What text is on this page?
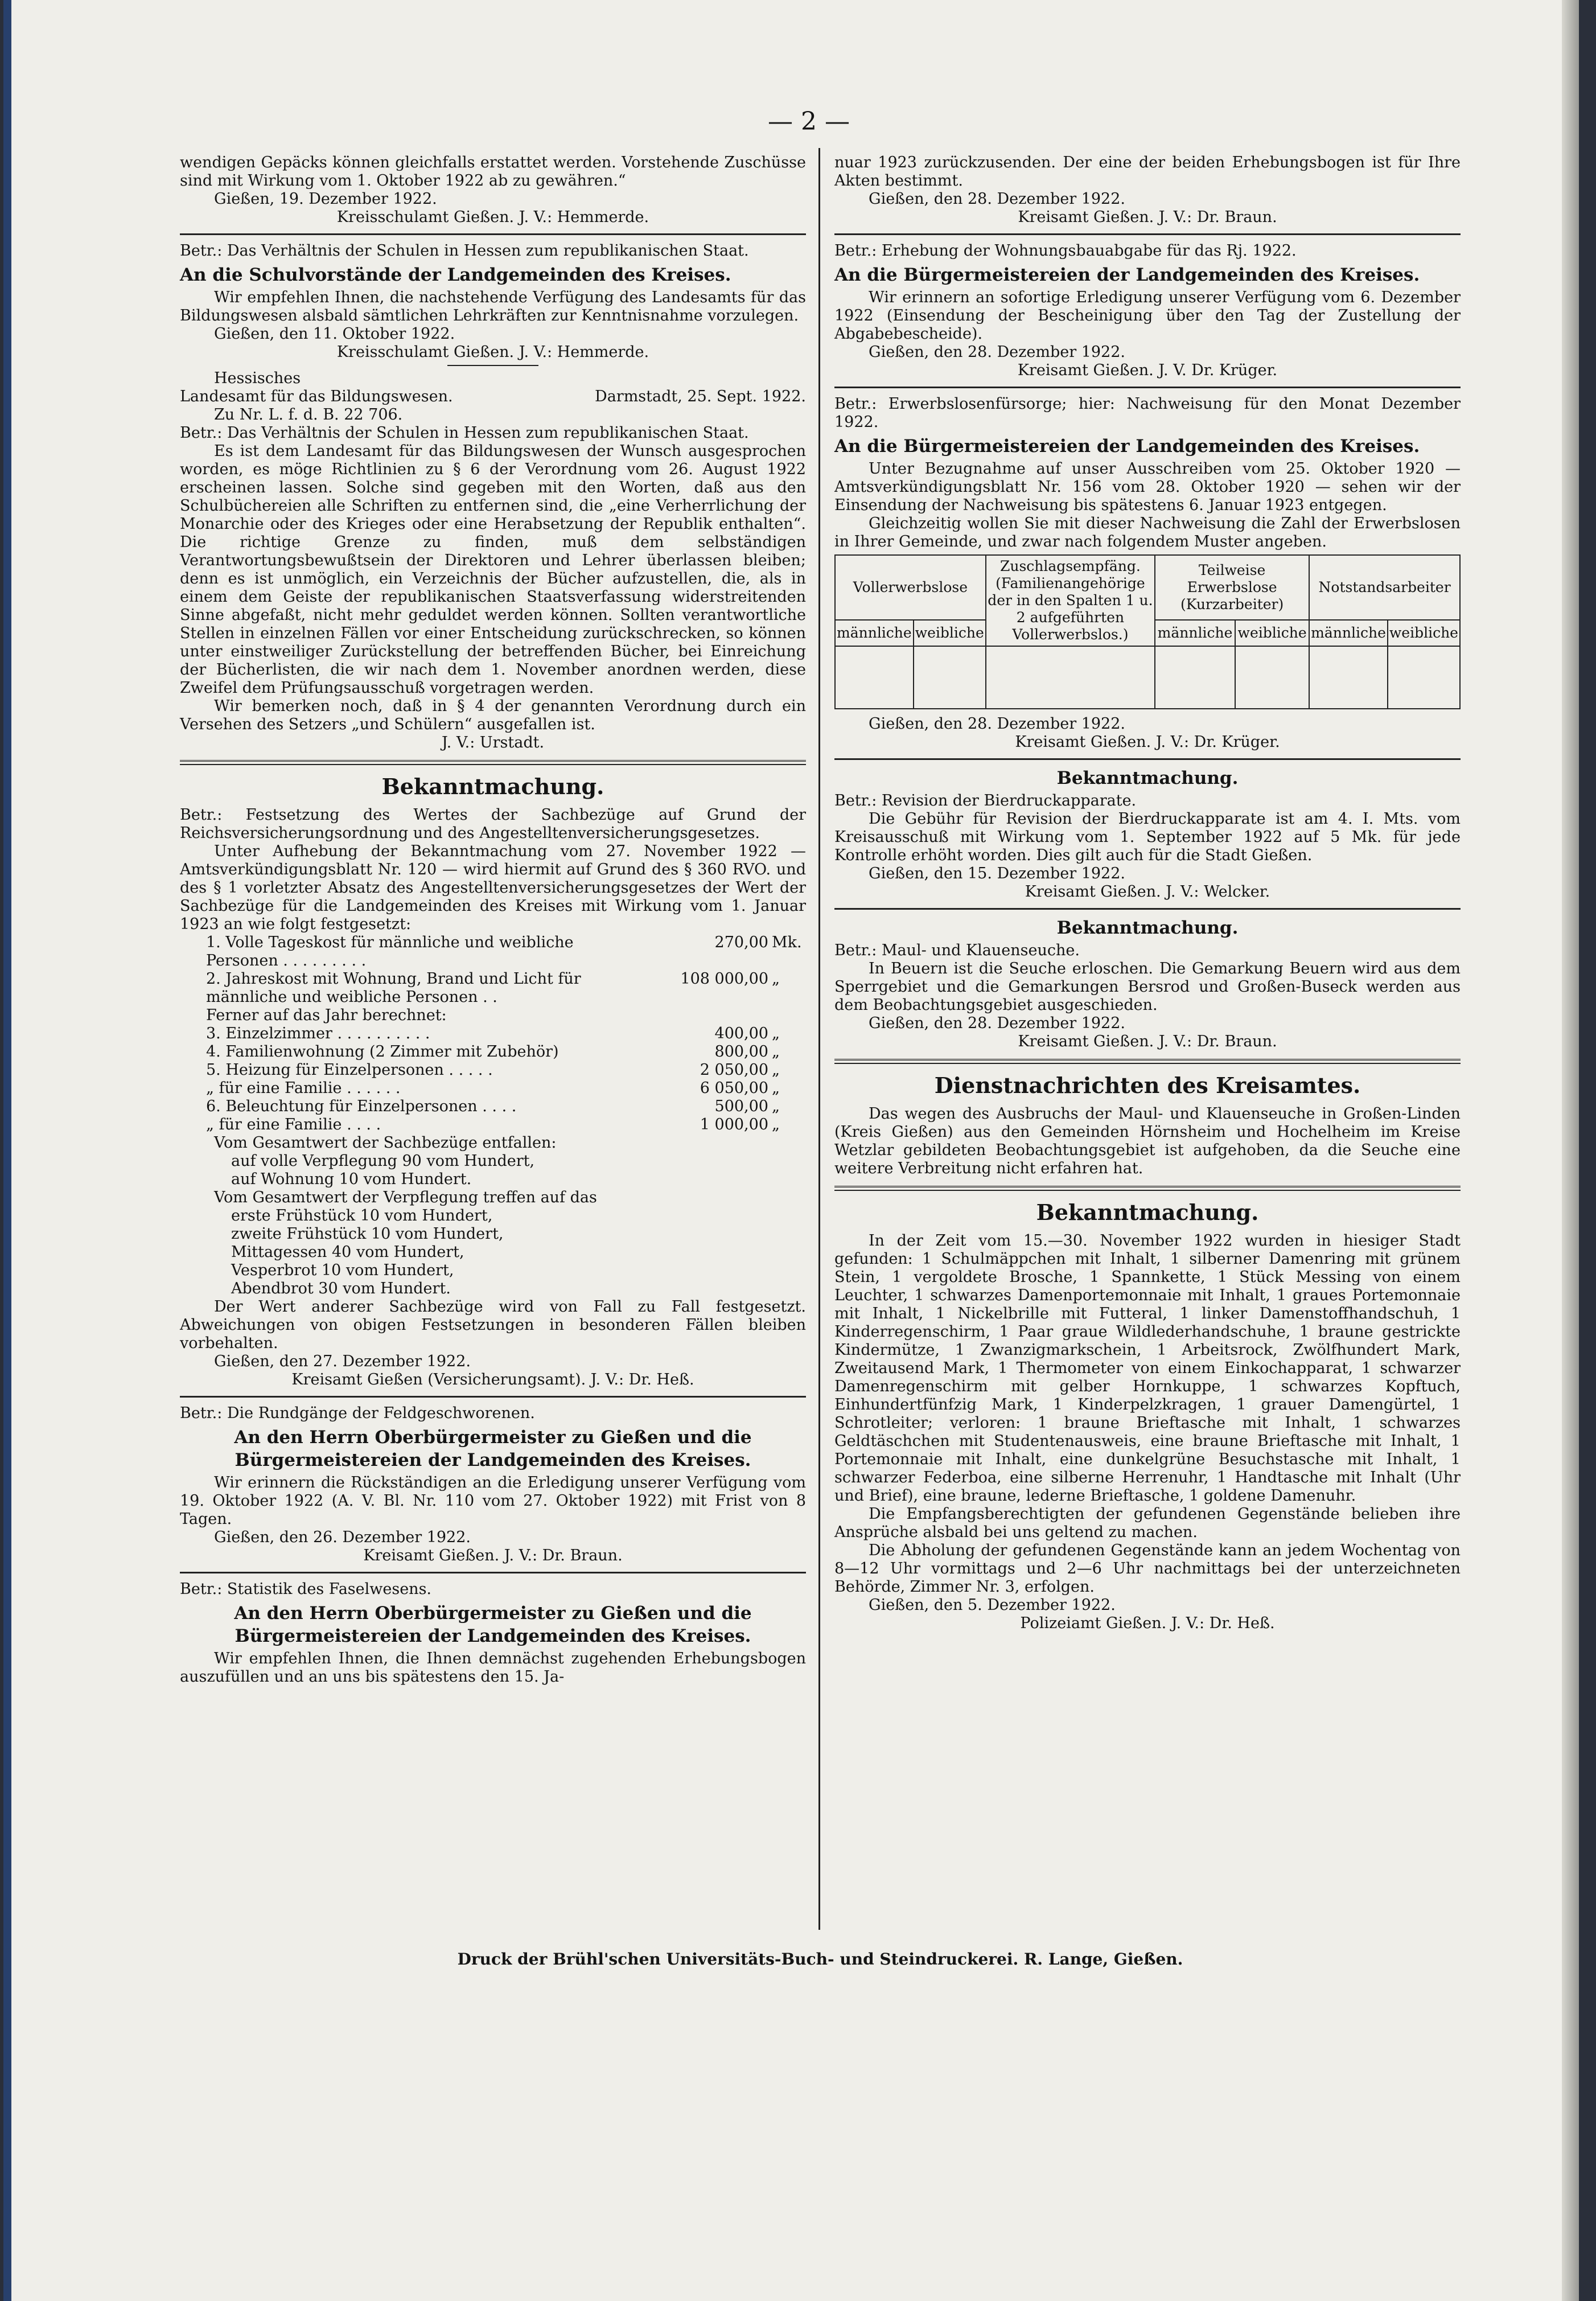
— 2 —

wendigen Gepäcks können gleichfalls erstattet werden. Vorstehende Zuschüsse sind mit Wirkung vom 1. Oktober 1922 ab zu gewähren.“

Gießen, 19. Dezember 1922.

Kreisschulamt Gießen. J. V.: Hemmerde.

Betr.: Das Verhältnis der Schulen in Hessen zum republikanischen Staat.

An die Schulvorstände der Landgemeinden des Kreises.

Wir empfehlen Ihnen, die nachstehende Verfügung des Landesamts für das Bildungswesen alsbald sämtlichen Lehrkräften zur Kenntnisnahme vorzulegen.

Gießen, den 11. Oktober 1922.

Kreisschulamt Gießen. J. V.: Hemmerde.

Hessisches

Landesamt für das Bildungswesen.	Darmstadt, 25. Sept. 1922.

Zu Nr. L. f. d. B. 22 706.

Betr.: Das Verhältnis der Schulen in Hessen zum republikanischen Staat.

Es ist dem Landesamt für das Bildungswesen der Wunsch ausgesprochen worden, es möge Richtlinien zu § 6 der Verordnung vom 26. August 1922 erscheinen lassen. Solche sind gegeben mit den Worten, daß aus den Schulbüchereien alle Schriften zu entfernen sind, die „eine Verherrlichung der Monarchie oder des Krieges oder eine Herabsetzung der Republik enthalten“. Die richtige Grenze zu finden, muß dem selbständigen Verantwortungsbewußtsein der Direktoren und Lehrer überlassen bleiben; denn es ist unmöglich, ein Verzeichnis der Bücher aufzustellen, die, als in einem dem Geiste der republikanischen Staatsverfassung widerstreitenden Sinne abgefaßt, nicht mehr geduldet werden können. Sollten verantwortliche Stellen in einzelnen Fällen vor einer Entscheidung zurückschrecken, so können unter einstweiliger Zurückstellung der betreffenden Bücher, bei Einreichung der Bücherlisten, die wir nach dem 1. November anordnen werden, diese Zweifel dem Prüfungsausschuß vorgetragen werden.

Wir bemerken noch, daß in § 4 der genannten Verordnung durch ein Versehen des Setzers „und Schülern“ ausgefallen ist.

J. V.: Urstadt.

Bekanntmachung.

Betr.: Festsetzung des Wertes der Sachbezüge auf Grund der Reichsversicherungsordnung und des Angestelltenversicherungsgesetzes.

Unter Aufhebung der Bekanntmachung vom 27. November 1922 — Amtsverkündigungsblatt Nr. 120 — wird hiermit auf Grund des § 360 RVO. und des § 1 vorletzter Absatz des Angestelltenversicherungsgesetzes der Wert der Sachbezüge für die Landgemeinden des Kreises mit Wirkung vom 1. Januar 1923 an wie folgt festgesetzt:

1. Volle Tageskost für männliche und weibliche Personen . . . . . . . . .
270,00 Mk.
2. Jahreskost mit Wohnung, Brand und Licht für männliche und weibliche Personen . .
108 000,00 „
Ferner auf das Jahr berechnet:
3. Einzelzimmer . . . . . . . . . .	400,00 „
4. Familienwohnung (2 Zimmer mit Zubehör)	800,00 „
5. Heizung für Einzelpersonen . . . . .	2 050,00 „
„ für eine Familie . . . . . .	6 050,00 „
6. Beleuchtung für Einzelpersonen . . . .	500,00 „
„ für eine Familie . . . .	1 000,00 „

Vom Gesamtwert der Sachbezüge entfallen:

auf volle Verpflegung 90 vom Hundert,

auf Wohnung 10 vom Hundert.

Vom Gesamtwert der Verpflegung treffen auf das

erste Frühstück 10 vom Hundert,

zweite Frühstück 10 vom Hundert,

Mittagessen 40 vom Hundert,

Vesperbrot 10 vom Hundert,

Abendbrot 30 vom Hundert.

Der Wert anderer Sachbezüge wird von Fall zu Fall festgesetzt. Abweichungen von obigen Festsetzungen in besonderen Fällen bleiben vorbehalten.

Gießen, den 27. Dezember 1922.

Kreisamt Gießen (Versicherungsamt). J. V.: Dr. Heß.

Betr.: Die Rundgänge der Feldgeschworenen.

An den Herrn Oberbürgermeister zu Gießen und die Bürgermeistereien der Landgemeinden des Kreises.

Wir erinnern die Rückständigen an die Erledigung unserer Verfügung vom 19. Oktober 1922 (A. V. Bl. Nr. 110 vom 27. Oktober 1922) mit Frist von 8 Tagen.

Gießen, den 26. Dezember 1922.

Kreisamt Gießen. J. V.: Dr. Braun.

Betr.: Statistik des Faselwesens.

An den Herrn Oberbürgermeister zu Gießen und die Bürgermeistereien der Landgemeinden des Kreises.

Wir empfehlen Ihnen, die Ihnen demnächst zugehenden Erhebungsbogen auszufüllen und an uns bis spätestens den 15. Ja-

nuar 1923 zurückzusenden. Der eine der beiden Erhebungsbogen ist für Ihre Akten bestimmt.

Gießen, den 28. Dezember 1922.

Kreisamt Gießen. J. V.: Dr. Braun.

Betr.: Erhebung der Wohnungsbauabgabe für das Rj. 1922.

An die Bürgermeistereien der Landgemeinden des Kreises.

Wir erinnern an sofortige Erledigung unserer Verfügung vom 6. Dezember 1922 (Einsendung der Bescheinigung über den Tag der Zustellung der Abgabebescheide).

Gießen, den 28. Dezember 1922.

Kreisamt Gießen. J. V. Dr. Krüger.

Betr.: Erwerbslosenfürsorge; hier: Nachweisung für den Monat Dezember 1922.

An die Bürgermeistereien der Landgemeinden des Kreises.

Unter Bezugnahme auf unser Ausschreiben vom 25. Oktober 1920 — Amtsverkündigungsblatt Nr. 156 vom 28. Oktober 1920 — sehen wir der Einsendung der Nachweisung bis spätestens 6. Januar 1923 entgegen.

Gleichzeitig wollen Sie mit dieser Nachweisung die Zahl der Erwerbslosen in Ihrer Gemeinde, und zwar nach folgendem Muster angeben.

Vollerwerbslose		Zuschlagsempfäng. (Familienangehörige der in den Spalten 1 u. 2 aufgeführten Vollerwerbslos.)	Teilweise Erwerbslose (Kurzarbeiter)		Notstandsarbeiter	
männliche	weibliche		männliche	weibliche	männliche	weibliche

Gießen, den 28. Dezember 1922.

Kreisamt Gießen. J. V.: Dr. Krüger.

Bekanntmachung.

Betr.: Revision der Bierdruckapparate.

Die Gebühr für Revision der Bierdruckapparate ist am 4. I. Mts. vom Kreisausschuß mit Wirkung vom 1. September 1922 auf 5 Mk. für jede Kontrolle erhöht worden. Dies gilt auch für die Stadt Gießen.

Gießen, den 15. Dezember 1922.

Kreisamt Gießen. J. V.: Welcker.

Bekanntmachung.

Betr.: Maul- und Klauenseuche.

In Beuern ist die Seuche erloschen. Die Gemarkung Beuern wird aus dem Sperrgebiet und die Gemarkungen Bersrod und Großen-Buseck werden aus dem Beobachtungsgebiet ausgeschieden.

Gießen, den 28. Dezember 1922.

Kreisamt Gießen. J. V.: Dr. Braun.

Dienstnachrichten des Kreisamtes.

Das wegen des Ausbruchs der Maul- und Klauenseuche in Großen-Linden (Kreis Gießen) aus den Gemeinden Hörnsheim und Hochelheim im Kreise Wetzlar gebildeten Beobachtungsgebiet ist aufgehoben, da die Seuche eine weitere Verbreitung nicht erfahren hat.

Bekanntmachung.

In der Zeit vom 15.—30. November 1922 wurden in hiesiger Stadt gefunden: 1 Schulmäppchen mit Inhalt, 1 silberner Damenring mit grünem Stein, 1 vergoldete Brosche, 1 Spannkette, 1 Stück Messing von einem Leuchter, 1 schwarzes Damenportemonnaie mit Inhalt, 1 graues Portemonnaie mit Inhalt, 1 Nickelbrille mit Futteral, 1 linker Damenstoffhandschuh, 1 Kinderregenschirm, 1 Paar graue Wildlederhandschuhe, 1 braune gestrickte Kindermütze, 1 Zwanzigmarkschein, 1 Arbeitsrock, Zwölfhundert Mark, Zweitausend Mark, 1 Thermometer von einem Einkochapparat, 1 schwarzer Damenregenschirm mit gelber Hornkuppe, 1 schwarzes Kopftuch, Einhundertfünfzig Mark, 1 Kinderpelzkragen, 1 grauer Damengürtel, 1 Schrotleiter; verloren: 1 braune Brieftasche mit Inhalt, 1 schwarzes Geldtäschchen mit Studentenausweis, eine braune Brieftasche mit Inhalt, 1 Portemonnaie mit Inhalt, eine dunkelgrüne Besuchstasche mit Inhalt, 1 schwarzer Federboa, eine silberne Herrenuhr, 1 Handtasche mit Inhalt (Uhr und Brief), eine braune, lederne Brieftasche, 1 goldene Damenuhr.

Die Empfangsberechtigten der gefundenen Gegenstände belieben ihre Ansprüche alsbald bei uns geltend zu machen.

Die Abholung der gefundenen Gegenstände kann an jedem Wochentag von 8—12 Uhr vormittags und 2—6 Uhr nachmittags bei der unterzeichneten Behörde, Zimmer Nr. 3, erfolgen.

Gießen, den 5. Dezember 1922.

Polizeiamt Gießen. J. V.: Dr. Heß.

Druck der Brühl'schen Universitäts-Buch- und Steindruckerei. R. Lange, Gießen.
